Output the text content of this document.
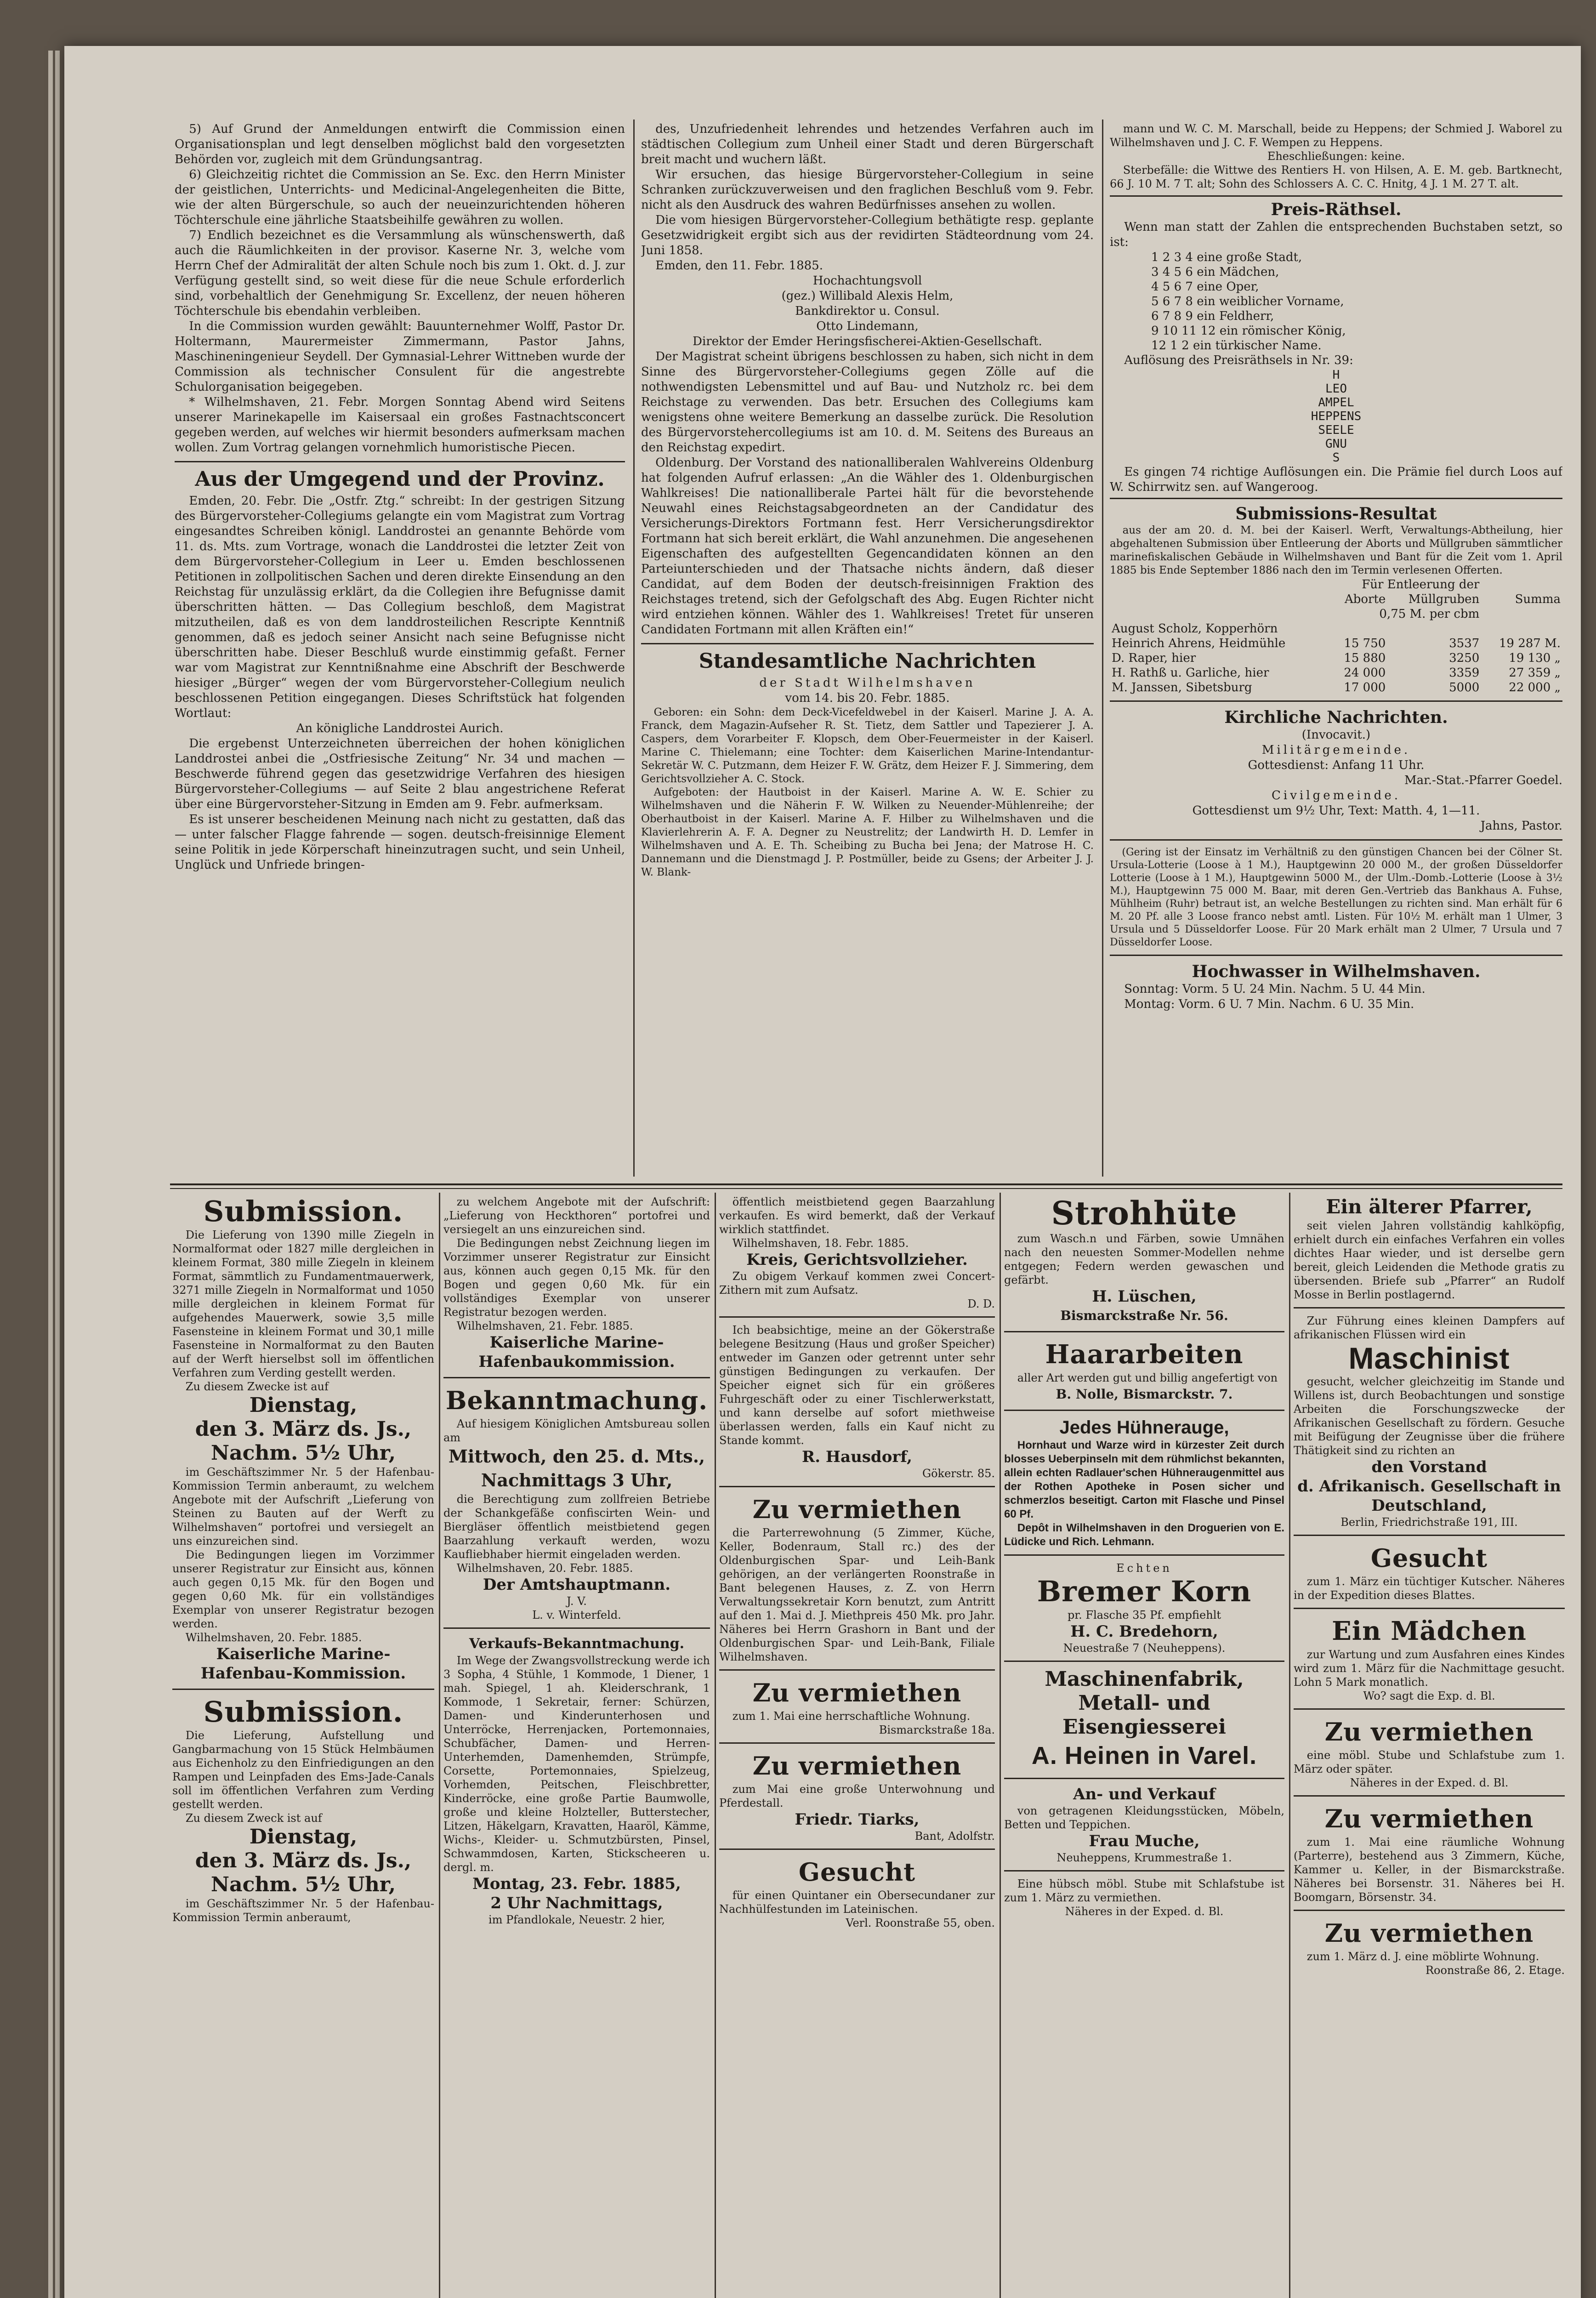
5) Auf Grund der Anmeldungen entwirft die Commission einen Organisationsplan und legt denselben möglichst bald den vorgesetzten Behörden vor, zugleich mit dem Gründungsantrag.

6) Gleichzeitig richtet die Commission an Se. Exc. den Herrn Minister der geistlichen, Unterrichts- und Medicinal-Angelegenheiten die Bitte, wie der alten Bürgerschule, so auch der neueinzurichtenden höheren Töchterschule eine jährliche Staatsbeihilfe gewähren zu wollen.

7) Endlich bezeichnet es die Versammlung als wünschenswerth, daß auch die Räumlichkeiten in der provisor. Kaserne Nr. 3, welche vom Herrn Chef der Admiralität der alten Schule noch bis zum 1. Okt. d. J. zur Verfügung gestellt sind, so weit diese für die neue Schule erforderlich sind, vorbehaltlich der Genehmigung Sr. Excellenz, der neuen höheren Töchterschule bis ebendahin verbleiben.

In die Commission wurden gewählt: Bauunternehmer Wolff, Pastor Dr. Holtermann, Maurermeister Zimmermann, Pastor Jahns, Maschineningenieur Seydell. Der Gymnasial-Lehrer Wittneben wurde der Commission als technischer Consulent für die angestrebte Schulorganisation beigegeben.

* Wilhelmshaven, 21. Febr. Morgen Sonntag Abend wird Seitens unserer Marinekapelle im Kaisersaal ein großes Fastnachtsconcert gegeben werden, auf welches wir hiermit besonders aufmerksam machen wollen. Zum Vortrag gelangen vornehmlich humoristische Piecen.

Aus der Umgegend und der Provinz.

Emden, 20. Febr. Die „Ostfr. Ztg.“ schreibt: In der gestrigen Sitzung des Bürgervorsteher-Collegiums gelangte ein vom Magistrat zum Vortrag eingesandtes Schreiben königl. Landdrostei an genannte Behörde vom 11. ds. Mts. zum Vortrage, wonach die Landdrostei die letzter Zeit von dem Bürgervorsteher-Collegium in Leer u. Emden beschlossenen Petitionen in zollpolitischen Sachen und deren direkte Einsendung an den Reichstag für unzulässig erklärt, da die Collegien ihre Befugnisse damit überschritten hätten. — Das Collegium beschloß, dem Magistrat mitzutheilen, daß es von dem landdrosteilichen Rescripte Kenntniß genommen, daß es jedoch seiner Ansicht nach seine Befugnisse nicht überschritten habe. Dieser Beschluß wurde einstimmig gefaßt. Ferner war vom Magistrat zur Kenntnißnahme eine Abschrift der Beschwerde hiesiger „Bürger“ wegen der vom Bürgervorsteher-Collegium neulich beschlossenen Petition eingegangen. Dieses Schriftstück hat folgenden Wortlaut:

An königliche Landdrostei Aurich.

Die ergebenst Unterzeichneten überreichen der hohen königlichen Landdrostei anbei die „Ostfriesische Zeitung“ Nr. 34 und machen — Beschwerde führend gegen das gesetzwidrige Verfahren des hiesigen Bürgervorsteher-Collegiums — auf Seite 2 blau angestrichene Referat über eine Bürgervorsteher-Sitzung in Emden am 9. Febr. aufmerksam.

Es ist unserer bescheidenen Meinung nach nicht zu gestatten, daß das — unter falscher Flagge fahrende — sogen. deutsch-freisinnige Element seine Politik in jede Körperschaft hineinzutragen sucht, und sein Unheil, Unglück und Unfriede bringen-

des, Unzufriedenheit lehrendes und hetzendes Verfahren auch im städtischen Collegium zum Unheil einer Stadt und deren Bürgerschaft breit macht und wuchern läßt.

Wir ersuchen, das hiesige Bürgervorsteher-Collegium in seine Schranken zurückzuverweisen und den fraglichen Beschluß vom 9. Febr. nicht als den Ausdruck des wahren Bedürfnisses ansehen zu wollen.

Die vom hiesigen Bürgervorsteher-Collegium bethätigte resp. geplante Gesetzwidrigkeit ergibt sich aus der revidirten Städteordnung vom 24. Juni 1858.

Emden, den 11. Febr. 1885.

Hochachtungsvoll

(gez.) Willibald Alexis Helm,

Bankdirektor u. Consul.

Otto Lindemann,

Direktor der Emder Heringsfischerei-Aktien-Gesellschaft.

Der Magistrat scheint übrigens beschlossen zu haben, sich nicht in dem Sinne des Bürgervorsteher-Collegiums gegen Zölle auf die nothwendigsten Lebensmittel und auf Bau- und Nutzholz rc. bei dem Reichstage zu verwenden. Das betr. Ersuchen des Collegiums kam wenigstens ohne weitere Bemerkung an dasselbe zurück. Die Resolution des Bürgervorstehercollegiums ist am 10. d. M. Seitens des Bureaus an den Reichstag expedirt.

Oldenburg. Der Vorstand des nationalliberalen Wahlvereins Oldenburg hat folgenden Aufruf erlassen: „An die Wähler des 1. Oldenburgischen Wahlkreises! Die nationalliberale Partei hält für die bevorstehende Neuwahl eines Reichstagsabgeordneten an der Candidatur des Versicherungs-Direktors Fortmann fest. Herr Versicherungsdirektor Fortmann hat sich bereit erklärt, die Wahl anzunehmen. Die angesehenen Eigenschaften des aufgestellten Gegencandidaten können an den Parteiunterschieden und der Thatsache nichts ändern, daß dieser Candidat, auf dem Boden der deutsch-freisinnigen Fraktion des Reichstages tretend, sich der Gefolgschaft des Abg. Eugen Richter nicht wird entziehen können. Wähler des 1. Wahlkreises! Tretet für unseren Candidaten Fortmann mit allen Kräften ein!“

Standesamtliche Nachrichten

der Stadt Wilhelmshaven

vom 14. bis 20. Febr. 1885.

Geboren: ein Sohn: dem Deck-Vicefeldwebel in der Kaiserl. Marine J. A. A. Franck, dem Magazin-Aufseher R. St. Tietz, dem Sattler und Tapezierer J. A. Caspers, dem Vorarbeiter F. Klopsch, dem Ober-Feuermeister in der Kaiserl. Marine C. Thielemann; eine Tochter: dem Kaiserlichen Marine-Intendantur-Sekretär W. C. Putzmann, dem Heizer F. W. Grätz, dem Heizer F. J. Simmering, dem Gerichtsvollzieher A. C. Stock.

Aufgeboten: der Hautboist in der Kaiserl. Marine A. W. E. Schier zu Wilhelmshaven und die Näherin F. W. Wilken zu Neuender-Mühlenreihe; der Oberhautboist in der Kaiserl. Marine A. F. Hilber zu Wilhelmshaven und die Klavierlehrerin A. F. A. Degner zu Neustrelitz; der Landwirth H. D. Lemfer in Wilhelmshaven und A. E. Th. Scheibing zu Bucha bei Jena; der Matrose H. C. Dannemann und die Dienstmagd J. P. Postmüller, beide zu Gsens; der Arbeiter J. J. W. Blank-

mann und W. C. M. Marschall, beide zu Heppens; der Schmied J. Waborel zu Wilhelmshaven und J. C. F. Wempen zu Heppens.

Eheschließungen: keine.

Sterbefälle: die Wittwe des Rentiers H. von Hilsen, A. E. M. geb. Bartknecht, 66 J. 10 M. 7 T. alt; Sohn des Schlossers A. C. C. Hnitg, 4 J. 1 M. 27 T. alt.

Preis-Räthsel.

Wenn man statt der Zahlen die entsprechenden Buchstaben setzt, so ist:

1 2 3 4 eine große Stadt,
3 4 5 6 ein Mädchen,
4 5 6 7 eine Oper,
5 6 7 8 ein weiblicher Vorname,
6 7 8 9 ein Feldherr,
9 10 11 12 ein römischer König,
12 1 2 ein türkischer Name.

Auflösung des Preisräthsels in Nr. 39:

H
LEO
AMPEL
HEPPENS
SEELE
GNU
S

Es gingen 74 richtige Auflösungen ein. Die Prämie fiel durch Loos auf W. Schirrwitz sen. auf Wangeroog.

Submissions-Resultat

aus der am 20. d. M. bei der Kaiserl. Werft, Verwaltungs-Abtheilung, hier abgehaltenen Submission über Entleerung der Aborts und Müllgruben sämmtlicher marinefiskalischen Gebäude in Wilhelmshaven und Bant für die Zeit vom 1. April 1885 bis Ende September 1886 nach den im Termin verlesenen Offerten.

	Für Entleerung der		
	Aborte	Müllgruben	Summa
	0,75 M. per cbm		
August Scholz, Kopperhörn			
Heinrich Ahrens, Heidmühle	15 750	3537	19 287 M.
D. Raper, hier	15 880	3250	19 130 „
H. Rathß u. Garliche, hier	24 000	3359	27 359 „
M. Janssen, Sibetsburg	17 000	5000	22 000 „
Kirchliche Nachrichten.

(Invocavit.)

Militärgemeinde.

Gottesdienst: Anfang 11 Uhr.

Mar.-Stat.-Pfarrer Goedel.

Civilgemeinde.

Gottesdienst um 9½ Uhr, Text: Matth. 4, 1—11.

Jahns, Pastor.

(Gering ist der Einsatz im Verhältniß zu den günstigen Chancen bei der Cölner St. Ursula-Lotterie (Loose à 1 M.), Hauptgewinn 20 000 M., der großen Düsseldorfer Lotterie (Loose à 1 M.), Hauptgewinn 5000 M., der Ulm.-Domb.-Lotterie (Loose à 3½ M.), Hauptgewinn 75 000 M. Baar, mit deren Gen.-Vertrieb das Bankhaus A. Fuhse, Mühlheim (Ruhr) betraut ist, an welche Bestellungen zu richten sind. Man erhält für 6 M. 20 Pf. alle 3 Loose franco nebst amtl. Listen. Für 10½ M. erhält man 1 Ulmer, 3 Ursula und 5 Düsseldorfer Loose. Für 20 Mark erhält man 2 Ulmer, 7 Ursula und 7 Düsseldorfer Loose.

Hochwasser in Wilhelmshaven.

Sonntag: Vorm. 5 U. 24 Min. Nachm. 5 U. 44 Min.

Montag: Vorm. 6 U. 7 Min. Nachm. 6 U. 35 Min.

Submission.

Die Lieferung von 1390 mille Ziegeln in Normalformat oder 1827 mille dergleichen in kleinem Format, 380 mille Ziegeln in kleinem Format, sämmtlich zu Fundamentmauerwerk, 3271 mille Ziegeln in Normalformat und 1050 mille dergleichen in kleinem Format für aufgehendes Mauerwerk, sowie 3,5 mille Fasensteine in kleinem Format und 30,1 mille Fasensteine in Normalformat zu den Bauten auf der Werft hierselbst soll im öffentlichen Verfahren zum Verding gestellt werden.

Zu diesem Zwecke ist auf

Dienstag,
den 3. März ds. Js.,
Nachm. 5½ Uhr,

im Geschäftszimmer Nr. 5 der Hafenbau-Kommission Termin anberaumt, zu welchem Angebote mit der Aufschrift „Lieferung von Steinen zu Bauten auf der Werft zu Wilhelmshaven“ portofrei und versiegelt an uns einzureichen sind.

Die Bedingungen liegen im Vorzimmer unserer Registratur zur Einsicht aus, können auch gegen 0,15 Mk. für den Bogen und gegen 0,60 Mk. für ein vollständiges Exemplar von unserer Registratur bezogen werden.

Wilhelmshaven, 20. Febr. 1885.

Kaiserliche Marine-Hafenbau-Kommission.
Submission.

Die Lieferung, Aufstellung und Gangbarmachung von 15 Stück Helmbäumen aus Eichenholz zu den Einfriedigungen an den Rampen und Leinpfaden des Ems-Jade-Canals soll im öffentlichen Verfahren zum Verding gestellt werden.

Zu diesem Zweck ist auf

Dienstag,
den 3. März ds. Js.,
Nachm. 5½ Uhr,

im Geschäftszimmer Nr. 5 der Hafenbau-Kommission Termin anberaumt,

zu welchem Angebote mit der Aufschrift: „Lieferung von Heckthoren“ portofrei und versiegelt an uns einzureichen sind.

Die Bedingungen nebst Zeichnung liegen im Vorzimmer unserer Registratur zur Einsicht aus, können auch gegen 0,15 Mk. für den Bogen und gegen 0,60 Mk. für ein vollständiges Exemplar von unserer Registratur bezogen werden.

Wilhelmshaven, 21. Febr. 1885.

Kaiserliche Marine-Hafenbaukommission.
Bekanntmachung.

Auf hiesigem Königlichen Amtsbureau sollen am

Mittwoch, den 25. d. Mts.,
Nachmittags 3 Uhr,

die Berechtigung zum zollfreien Betriebe der Schankgefäße confiscirten Wein- und Biergläser öffentlich meistbietend gegen Baarzahlung verkauft werden, wozu Kaufliebhaber hiermit eingeladen werden.

Wilhelmshaven, 20. Febr. 1885.

Der Amtshauptmann.

J. V.

L. v. Winterfeld.

Verkaufs-Bekanntmachung.

Im Wege der Zwangsvollstreckung werde ich 3 Sopha, 4 Stühle, 1 Kommode, 1 Diener, 1 mah. Spiegel, 1 ah. Kleiderschrank, 1 Kommode, 1 Sekretair, ferner: Schürzen, Damen- und Kinderunterhosen und Unterröcke, Herrenjacken, Portemonnaies, Schubfächer, Damen- und Herren-Unterhemden, Damenhemden, Strümpfe, Corsette, Portemonnaies, Spielzeug, Vorhemden, Peitschen, Fleischbretter, Kinderröcke, eine große Partie Baumwolle, große und kleine Holzteller, Butterstecher, Litzen, Häkelgarn, Kravatten, Haaröl, Kämme, Wichs-, Kleider- u. Schmutzbürsten, Pinsel, Schwammdosen, Karten, Stickscheeren u. dergl. m.

Montag, 23. Febr. 1885,
2 Uhr Nachmittags,

im Pfandlokale, Neuestr. 2 hier,

öffentlich meistbietend gegen Baarzahlung verkaufen. Es wird bemerkt, daß der Verkauf wirklich stattfindet.

Wilhelmshaven, 18. Febr. 1885.

Kreis, Gerichtsvollzieher.

Zu obigem Verkauf kommen zwei Concert-Zithern mit zum Aufsatz.

D. D.

Ich beabsichtige, meine an der Gökerstraße belegene Besitzung (Haus und großer Speicher) entweder im Ganzen oder getrennt unter sehr günstigen Bedingungen zu verkaufen. Der Speicher eignet sich für ein größeres Fuhrgeschäft oder zu einer Tischlerwerkstatt, und kann derselbe auf sofort miethweise überlassen werden, falls ein Kauf nicht zu Stande kommt.

R. Hausdorf,

Gökerstr. 85.

Zu vermiethen

die Parterrewohnung (5 Zimmer, Küche, Keller, Bodenraum, Stall rc.) des der Oldenburgischen Spar- und Leih-Bank gehörigen, an der verlängerten Roonstraße in Bant belegenen Hauses, z. Z. von Herrn Verwaltungssekretair Korn benutzt, zum Antritt auf den 1. Mai d. J. Miethpreis 450 Mk. pro Jahr. Näheres bei Herrn Grashorn in Bant und der Oldenburgischen Spar- und Leih-Bank, Filiale Wilhelmshaven.

Zu vermiethen

zum 1. Mai eine herrschaftliche Wohnung.

Bismarckstraße 18a.

Zu vermiethen

zum Mai eine große Unterwohnung und Pferdestall.

Friedr. Tiarks,

Bant, Adolfstr.

Gesucht

für einen Quintaner ein Obersecundaner zur Nachhülfestunden im Lateinischen.

Verl. Roonstraße 55, oben.

Strohhüte

zum Wasch.n und Färben, sowie Umnähen nach den neuesten Sommer-Modellen nehme entgegen; Federn werden gewaschen und gefärbt.

H. Lüschen,
Bismarckstraße Nr. 56.
Haararbeiten

aller Art werden gut und billig angefertigt von

B. Nolle, Bismarckstr. 7.
Jedes Hühnerauge,

Hornhaut und Warze wird in kürzester Zeit durch blosses Ueberpinseln mit dem rühmlichst bekannten, allein echten Radlauer'schen Hühneraugenmittel aus der Rothen Apotheke in Posen sicher und schmerzlos beseitigt. Carton mit Flasche und Pinsel 60 Pf.

Depôt in Wilhelmshaven in den Droguerien von E. Lüdicke und Rich. Lehmann.

Echten

Bremer Korn

pr. Flasche 35 Pf. empfiehlt

H. C. Bredehorn,

Neuestraße 7 (Neuheppens).

Maschinenfabrik, Metall- und Eisengiesserei
A. Heinen in Varel.
An- und Verkauf

von getragenen Kleidungsstücken, Möbeln, Betten und Teppichen.

Frau Muche,

Neuheppens, Krummestraße 1.

Eine hübsch möbl. Stube mit Schlafstube ist zum 1. März zu vermiethen.

Näheres in der Exped. d. Bl.

Ein älterer Pfarrer,

seit vielen Jahren vollständig kahlköpfig, erhielt durch ein einfaches Verfahren ein volles dichtes Haar wieder, und ist derselbe gern bereit, gleich Leidenden die Methode gratis zu übersenden. Briefe sub „Pfarrer“ an Rudolf Mosse in Berlin postlagernd.

Zur Führung eines kleinen Dampfers auf afrikanischen Flüssen wird ein

Maschinist

gesucht, welcher gleichzeitig im Stande und Willens ist, durch Beobachtungen und sonstige Arbeiten die Forschungszwecke der Afrikanischen Gesellschaft zu fördern. Gesuche mit Beifügung der Zeugnisse über die frühere Thätigkeit sind zu richten an

den Vorstand
d. Afrikanisch. Gesellschaft in Deutschland,

Berlin, Friedrichstraße 191, III.

Gesucht

zum 1. März ein tüchtiger Kutscher. Näheres in der Expedition dieses Blattes.

Ein Mädchen

zur Wartung und zum Ausfahren eines Kindes wird zum 1. März für die Nachmittage gesucht. Lohn 5 Mark monatlich.

Wo? sagt die Exp. d. Bl.

Zu vermiethen

eine möbl. Stube und Schlafstube zum 1. März oder später.

Näheres in der Exped. d. Bl.

Zu vermiethen

zum 1. Mai eine räumliche Wohnung (Parterre), bestehend aus 3 Zimmern, Küche, Kammer u. Keller, in der Bismarckstraße. Näheres bei Borsenstr. 31. Näheres bei H. Boomgarn, Börsenstr. 34.

Zu vermiethen

zum 1. März d. J. eine möblirte Wohnung.

Roonstraße 86, 2. Etage.
